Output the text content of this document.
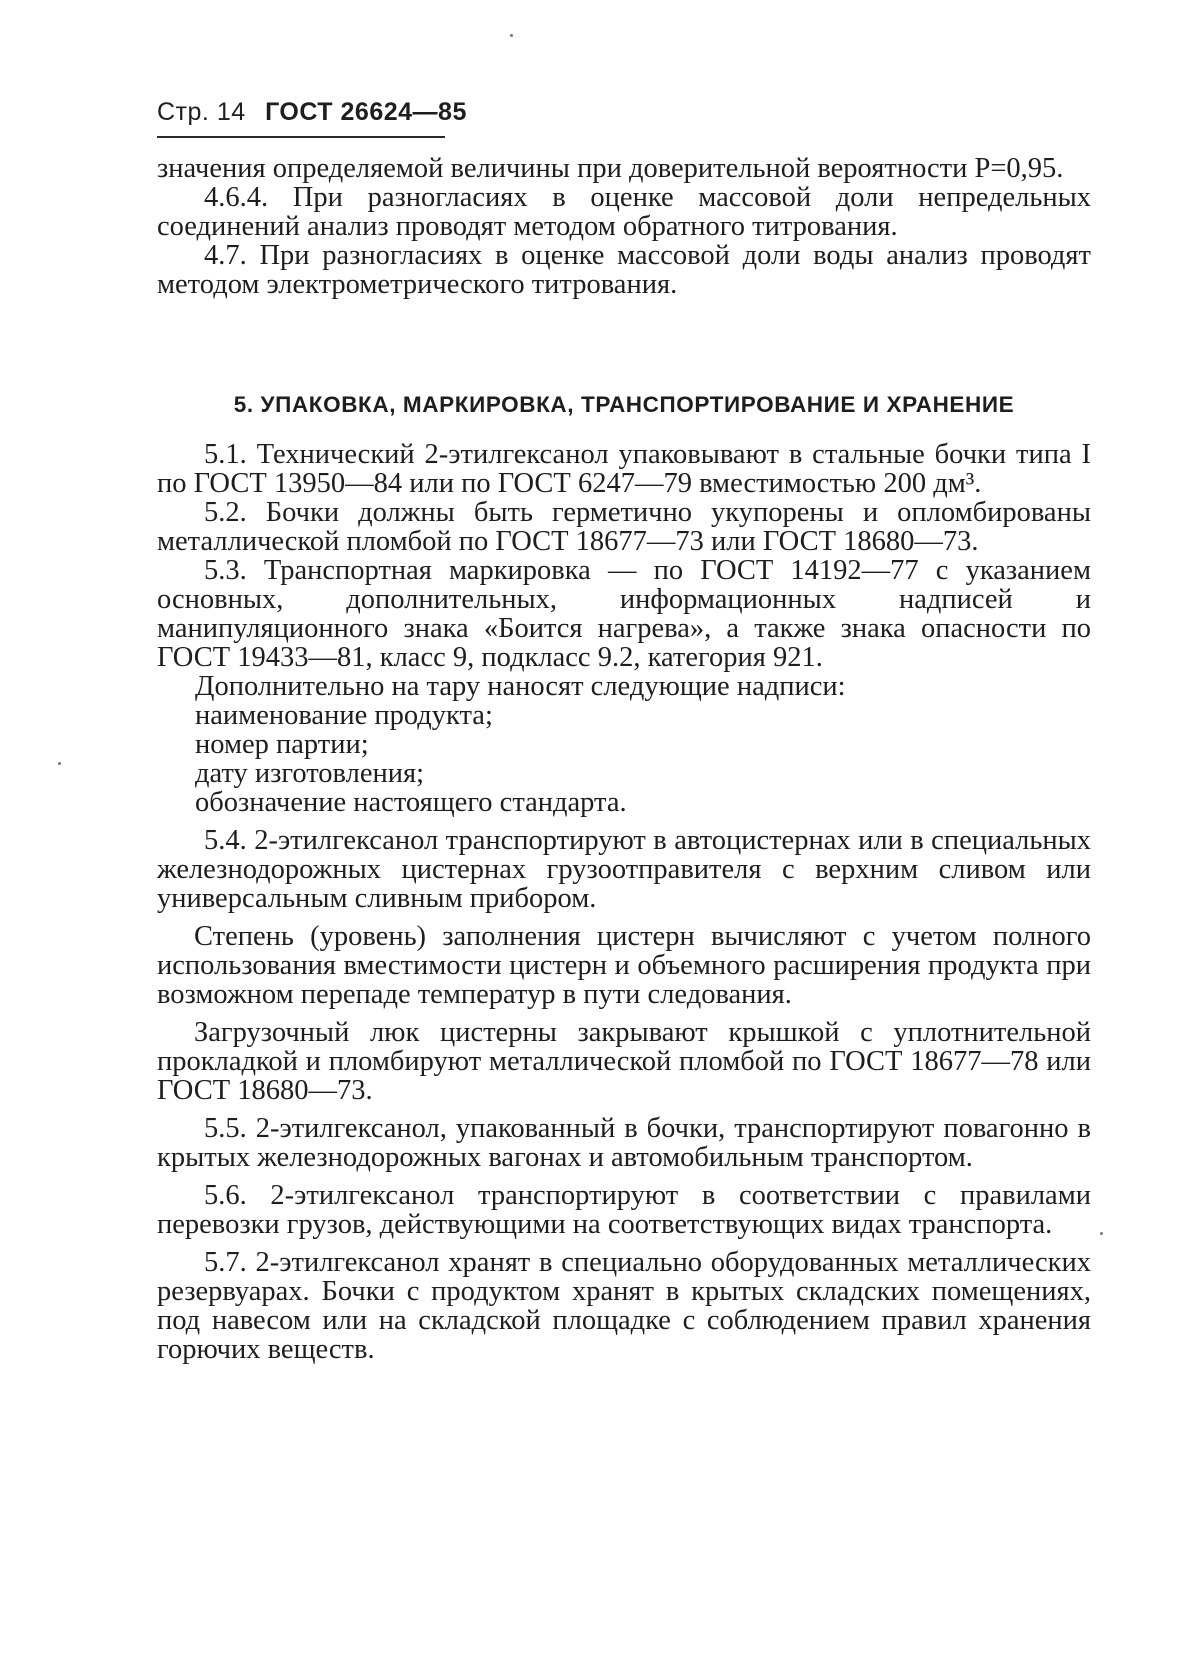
Стр. 14 ГОСТ 26624—85

значения определяемой величины при доверительной вероятности Р=0,95.

4.6.4. При разногласиях в оценке массовой доли непредельных соединений анализ проводят методом обратного титрования.

4.7. При разногласиях в оценке массовой доли воды анализ проводят методом электрометрического титрования.

5. УПАКОВКА, МАРКИРОВКА, ТРАНСПОРТИРОВАНИЕ И ХРАНЕНИЕ

5.1. Технический 2-этилгексанол упаковывают в стальные бочки типа I по ГОСТ 13950—84 или по ГОСТ 6247—79 вместимостью 200 дм³.

5.2. Бочки должны быть герметично укупорены и опломбированы металлической пломбой по ГОСТ 18677—73 или ГОСТ 18680—73.

5.3. Транспортная маркировка — по ГОСТ 14192—77 с указанием основных, дополнительных, информационных надписей и манипуляционного знака «Боится нагрева», а также знака опасности по ГОСТ 19433—81, класс 9, подкласс 9.2, категория 921.

Дополнительно на тару наносят следующие надписи:

наименование продукта;

номер партии;

дату изготовления;

обозначение настоящего стандарта.

5.4. 2-этилгексанол транспортируют в автоцистернах или в специальных железнодорожных цистернах грузоотправителя с верхним сливом или универсальным сливным прибором.

Степень (уровень) заполнения цистерн вычисляют с учетом полного использования вместимости цистерн и объемного расширения продукта при возможном перепаде температур в пути следования.

Загрузочный люк цистерны закрывают крышкой с уплотнительной прокладкой и пломбируют металлической пломбой по ГОСТ 18677—78 или ГОСТ 18680—73.

5.5. 2-этилгексанол, упакованный в бочки, транспортируют повагонно в крытых железнодорожных вагонах и автомобильным транспортом.

5.6. 2-этилгексанол транспортируют в соответствии с правилами перевозки грузов, действующими на соответствующих видах транспорта.

5.7. 2-этилгексанол хранят в специально оборудованных металлических резервуарах. Бочки с продуктом хранят в крытых складских помещениях, под навесом или на складской площадке с соблюдением правил хранения горючих веществ.
